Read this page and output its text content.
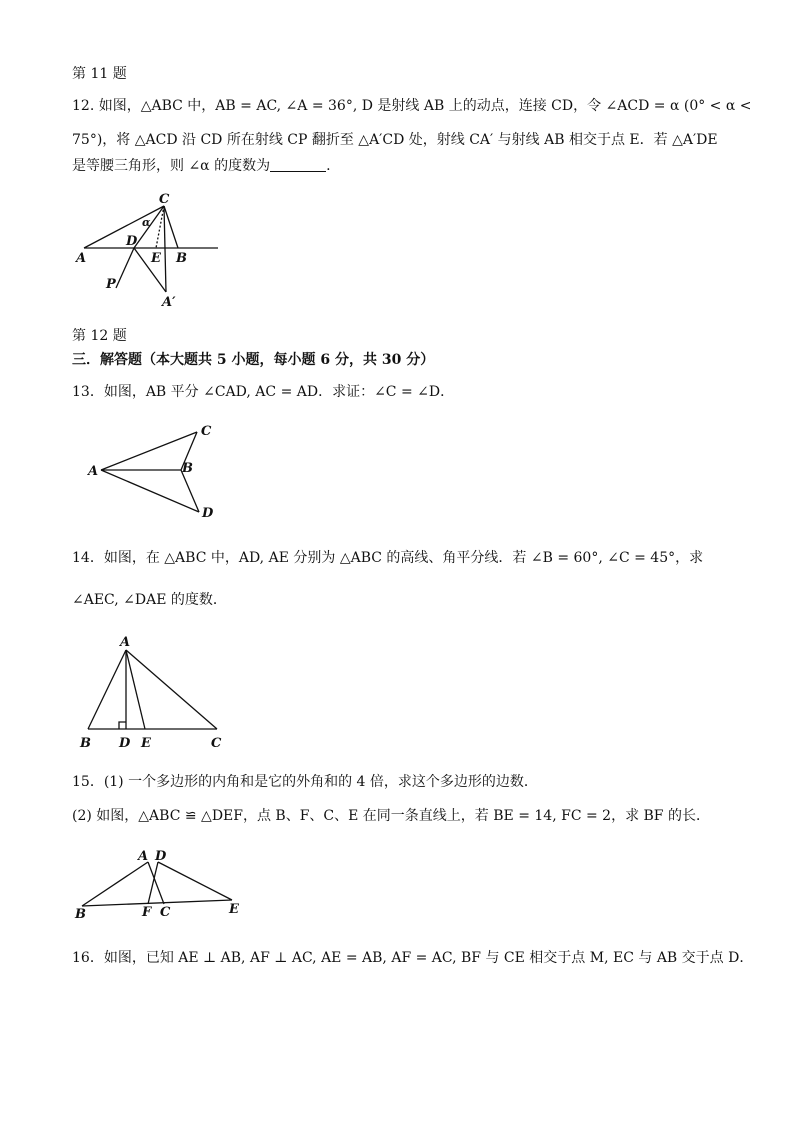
第 11 题
12. 如图，△ABC 中，AB = AC, ∠A = 36°, D 是射线 AB 上的动点，连接 CD，令 ∠ACD = α (0° < α <
75°)，将 △ACD 沿 CD 所在射线 CP 翻折至 △A′CD 处，射线 CA′ 与射线 AB 相交于点 E．若 △A′DE
是等腰三角形，则 ∠α 的度数为	.
C
α
A
D
E B
P
A′
第 12 题
三．解答题（本大题共 5 小题，每小题 6 分，共 30 分）
13．如图，AB 平分 ∠CAD, AC = AD．求证：∠C = ∠D．
A	B
C
D
14．如图，在 △ABC 中，AD, AE 分别为 △ABC 的高线、角平分线．若 ∠B = 60°, ∠C = 45°，求
∠AEC, ∠DAE 的度数．
A
B D E	C
15．(1) 一个多边形的内角和是它的外角和的 4 倍，求这个多边形的边数．
(2) 如图，△ABC ≌ △DEF，点 B、F、C、E 在同一条直线上，若 BE = 14, FC = 2，求 BF 的长．
A D
B	F C	E
16．如图，已知 AE ⊥ AB, AF ⊥ AC, AE = AB, AF = AC, BF 与 CE 相交于点 M, EC 与 AB 交于点 D．
